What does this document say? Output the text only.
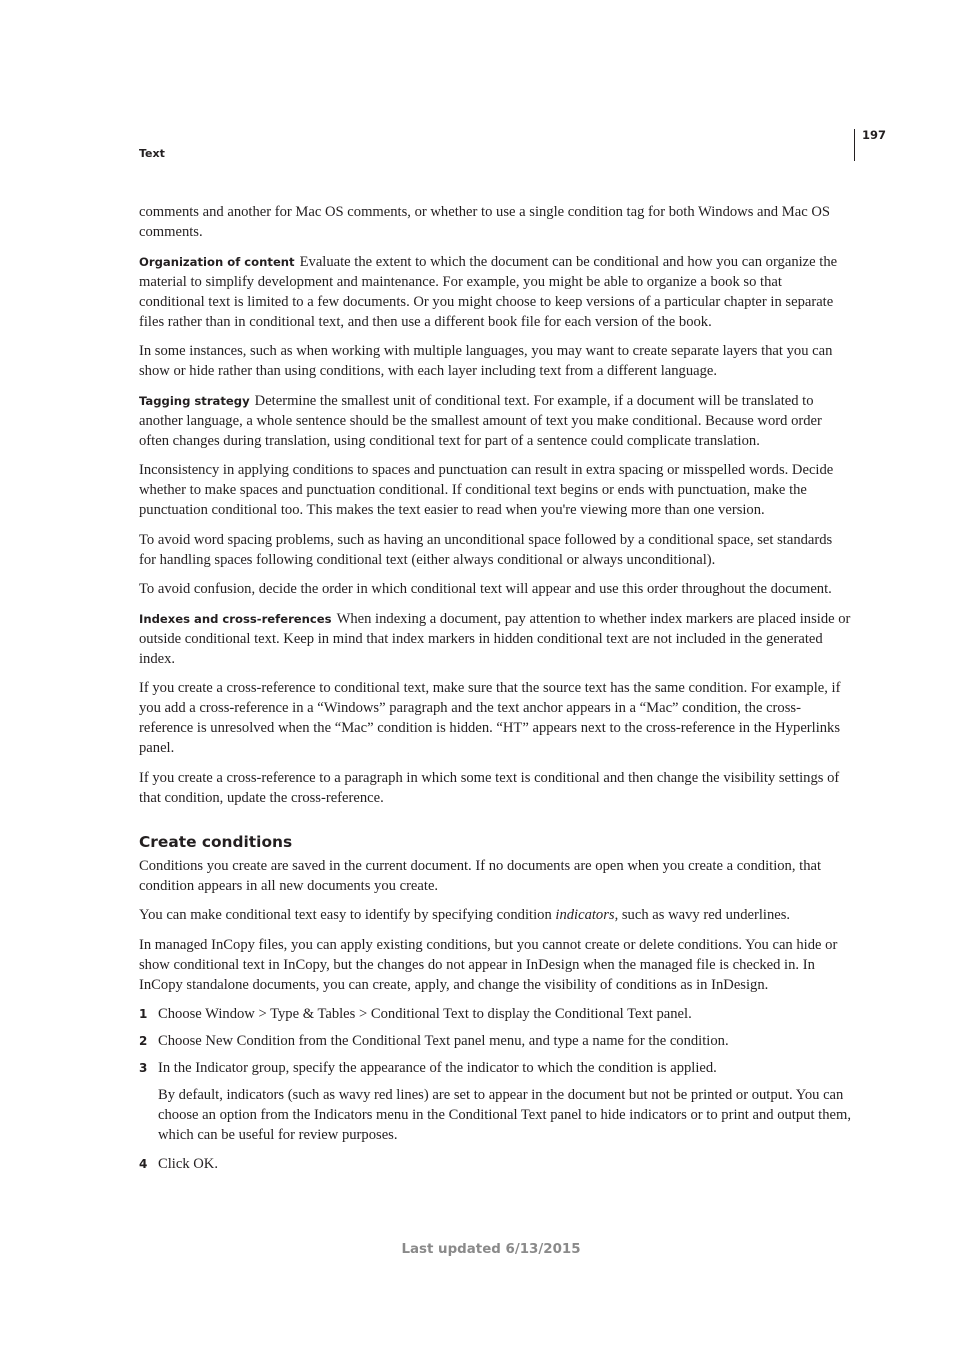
197
Text

comments and another for Mac OS comments, or whether to use a single condition tag for both Windows and Mac OS comments.

Organization of content Evaluate the extent to which the document can be conditional and how you can organize the material to simplify development and maintenance. For example, you might be able to organize a book so that conditional text is limited to a few documents. Or you might choose to keep versions of a particular chapter in separate files rather than in conditional text, and then use a different book file for each version of the book.

In some instances, such as when working with multiple languages, you may want to create separate layers that you can show or hide rather than using conditions, with each layer including text from a different language.

Tagging strategy Determine the smallest unit of conditional text. For example, if a document will be translated to another language, a whole sentence should be the smallest amount of text you make conditional. Because word order often changes during translation, using conditional text for part of a sentence could complicate translation.

Inconsistency in applying conditions to spaces and punctuation can result in extra spacing or misspelled words. Decide whether to make spaces and punctuation conditional. If conditional text begins or ends with punctuation, make the punctuation conditional too. This makes the text easier to read when you're viewing more than one version.

To avoid word spacing problems, such as having an unconditional space followed by a conditional space, set standards for handling spaces following conditional text (either always conditional or always unconditional).

To avoid confusion, decide the order in which conditional text will appear and use this order throughout the document.

Indexes and cross-references When indexing a document, pay attention to whether index markers are placed inside or outside conditional text. Keep in mind that index markers in hidden conditional text are not included in the generated index.

If you create a cross-reference to conditional text, make sure that the source text has the same condition. For example, if you add a cross-reference in a “Windows” paragraph and the text anchor appears in a “Mac” condition, the cross-reference is unresolved when the “Mac” condition is hidden. “HT” appears next to the cross-reference in the Hyperlinks panel.

If you create a cross-reference to a paragraph in which some text is conditional and then change the visibility settings of that condition, update the cross-reference.

Create conditions

Conditions you create are saved in the current document. If no documents are open when you create a condition, that condition appears in all new documents you create.

You can make conditional text easy to identify by specifying condition indicators, such as wavy red underlines.

In managed InCopy files, you can apply existing conditions, but you cannot create or delete conditions. You can hide or show conditional text in InCopy, but the changes do not appear in InDesign when the managed file is checked in. In InCopy standalone documents, you can create, apply, and change the visibility of conditions as in InDesign.

1 Choose Window > Type & Tables > Conditional Text to display the Conditional Text panel.
2 Choose New Condition from the Conditional Text panel menu, and type a name for the condition.
3 In the Indicator group, specify the appearance of the indicator to which the condition is applied.
By default, indicators (such as wavy red lines) are set to appear in the document but not be printed or output. You can choose an option from the Indicators menu in the Conditional Text panel to hide indicators or to print and output them, which can be useful for review purposes.
4 Click OK.
Last updated 6/13/2015
